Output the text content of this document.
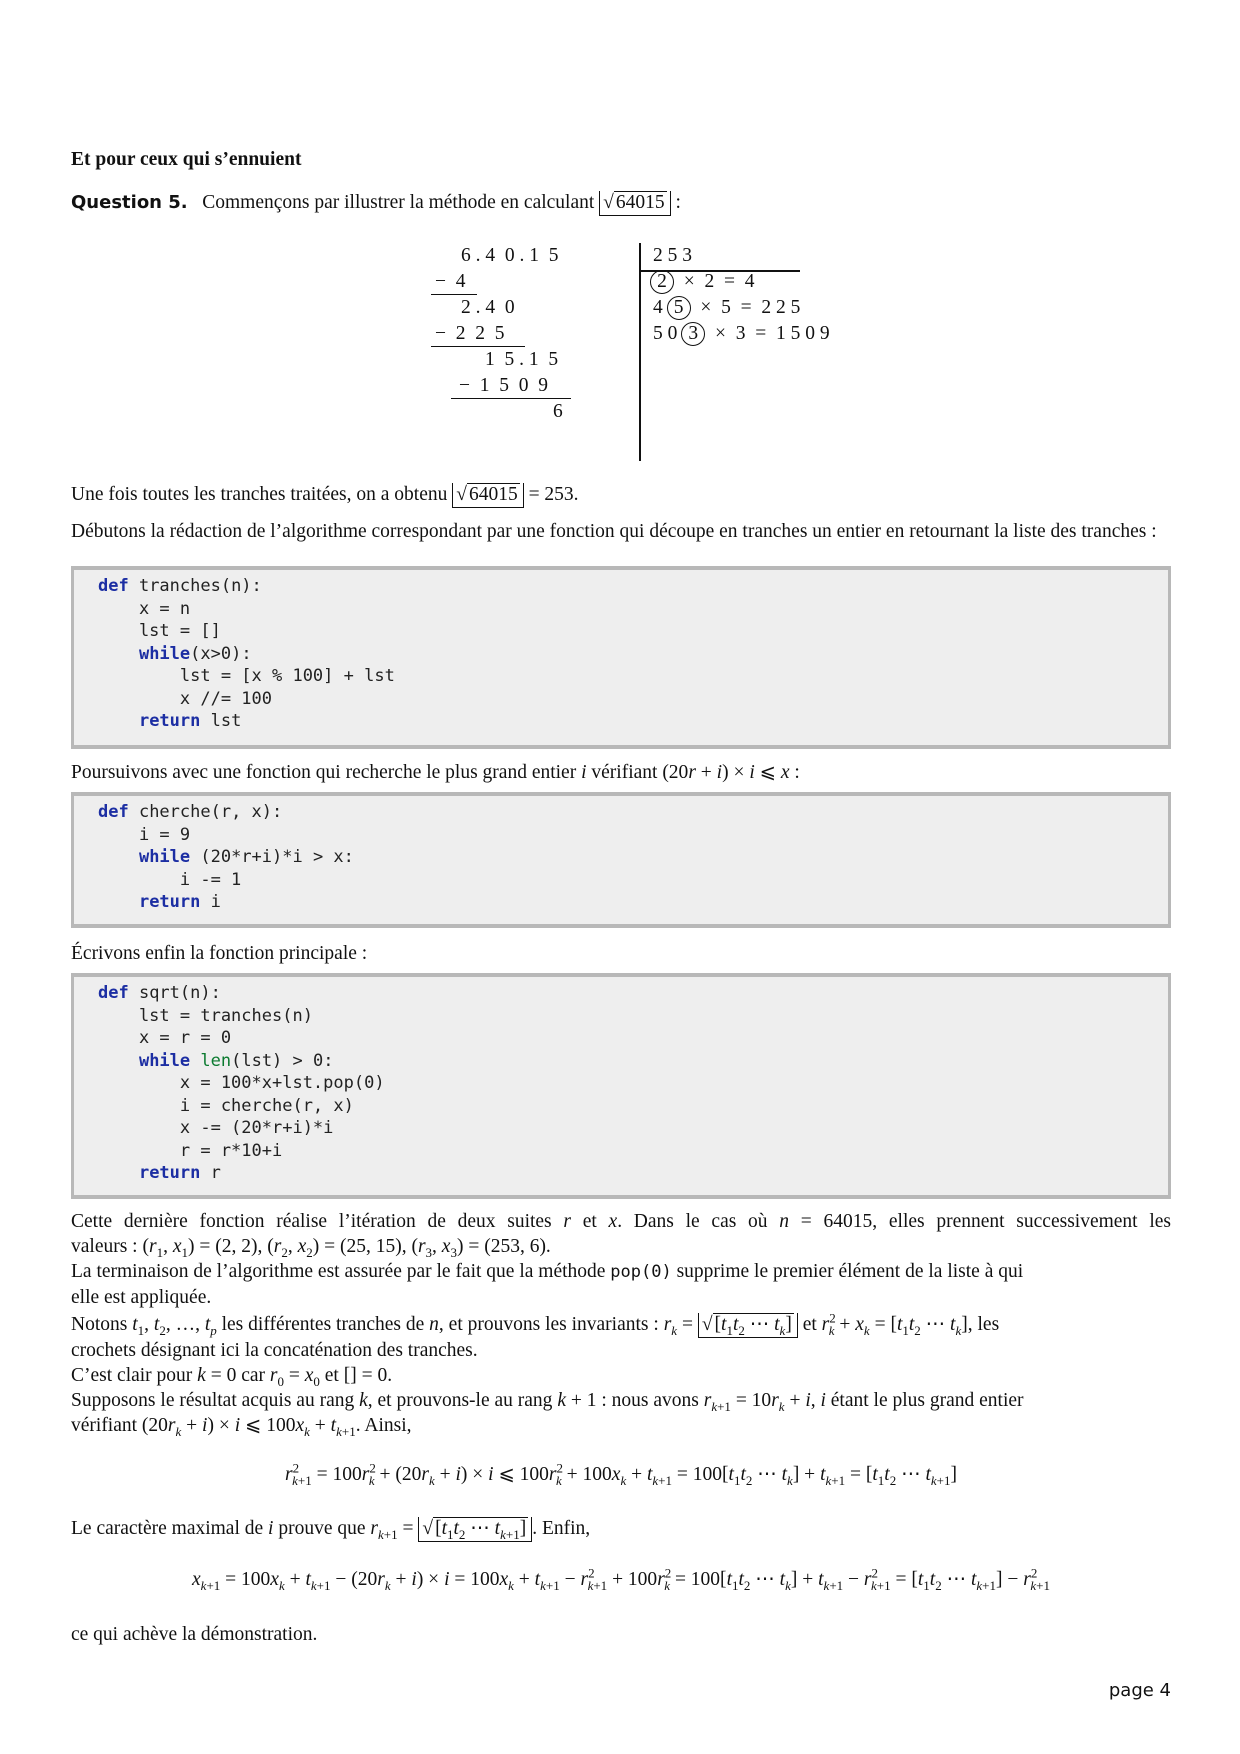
Et pour ceux qui s’ennuient
Question 5. Commençons par illustrer la méthode en calculant √ 64015 :
6 . 4  0 . 1  5
−  4
2 . 4  0
−  2  2  5
1  5 . 1  5
−  1  5  0  9
6
2 5 3
2 × 2 = 4
4 5 × 5 = 2 2 5
5 0 3 × 3 = 1 5 0 9
Une fois toutes les tranches traitées, on a obtenu √ 64015 = 253.
Débutons la rédaction de l’algorithme correspondant par une fonction qui découpe en tranches un entier en retournant la liste des tranches :
def tranches(n):
x = n
lst = []
while(x>0):
lst = [x % 100] + lst
x //= 100
return lst
Poursuivons avec une fonction qui recherche le plus grand entier i vérifiant (20r + i) × i ⩽ x :
def cherche(r, x):
i = 9
while (20*r+i)*i > x:
i -= 1
return i
Écrivons enfin la fonction principale :
def sqrt(n):
lst = tranches(n)
x = r = 0
while len(lst) > 0:
x = 100*x+lst.pop(0)
i = cherche(r, x)
x -= (20*r+i)*i
r = r*10+i
return r
Cette dernière fonction réalise l’itération de deux suites r et x. Dans le cas où n = 64015, elles prennent successivement les
valeurs : ($r_1$, $x_1) = (2$, 2), ($r_2$, $x_2) = (25$, 15), ($r_3$, $x_3) = (253$, 6).
La terminaison de l’algorithme est assurée par le fait que la méthode pop(0) supprime le premier élément de la liste à qui
elle est appliquée.
Notons $t_1$, $t_2$, …, $t_p$ les différentes tranches de n, et prouvons les invariants : $r_k$ = √ [$t_1t_2$ ⋯ $t_k$] et $r^2_k + x_k = [t_1t_2$ ⋯ $t_k$], les
crochets désignant ici la concaténation des tranches.
C’est clair pour k = 0 car $r_0 = x_0$ et [] = 0.
Supposons le résultat acquis au rang k, et prouvons-le au rang k + 1 : nous avons $r_{k+1} = 10r_k + i$, i étant le plus grand entier
vérifiant $(20r_k + i) \times i$ ⩽ $100x_k + t_{k+1}$. Ainsi,
$r^2_{k+1} = 100r^2_k + (20r_k + i) \times i$ ⩽ $100r^2_k + 100x_k + t_{k+1} = 100[t_1t_2$ ⋯ $t_k] + t_{k+1} = [t_1t_2$ ⋯ $t_{k+1}$]
Le caractère maximal de i prouve que $r_{k+1}$ = √ [$t_1t_2$ ⋯ $t_{k+1}$] . Enfin,
$x_{k+1} = 100x_k + t_{k+1} - (20r_k + i) \times i = 100x_k + t_{k+1} - r^2_{k+1} + 100r^2_k = 100[t_1t_2$ ⋯ $t_k] + t_{k+1} - r^2_{k+1} = [t_1t_2$ ⋯ $t_{k+1}] - r^2_{k+1}$
ce qui achève la démonstration.
page 4
